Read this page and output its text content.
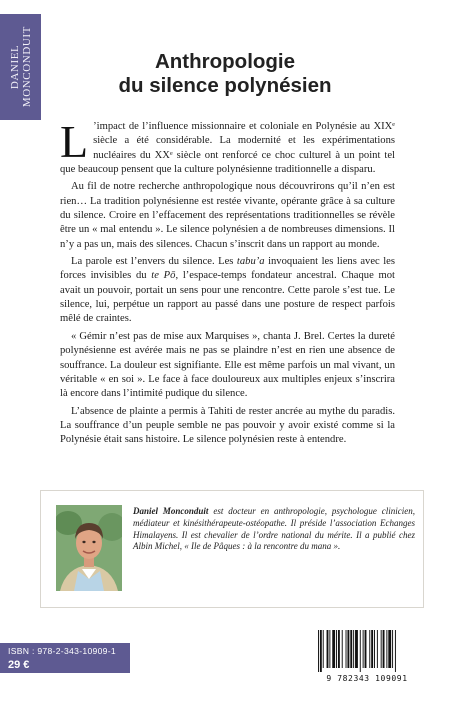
DANIEL
MONCONDUIT	Anthropologie
du silence polynésien

L ’impact de l’influence missionnaire et coloniale en Polynésie au XIXᵉ siècle a été considérable. La modernité et les expérimentations nucléaires du XXᵉ siècle ont renforcé ce choc culturel à un point tel que beaucoup pensent que la culture polynésienne traditionnelle a disparu.

Au fil de notre recherche anthropologique nous découvrirons qu’il n’en est rien… La tradition polynésienne est restée vivante, opérante grâce à sa culture du silence. Croire en l’effacement des représentations traditionnelles se révèle être un « mal entendu ». Le silence polynésien a de nombreuses dimensions. Il n’y a pas un, mais des silences. Chacun s’inscrit dans un rapport au monde.

La parole est l’envers du silence. Les tabu’a invoquaient les liens avec les forces invisibles du te Pō, l’espace-temps fondateur ancestral. Chaque mot avait un pouvoir, portait un sens pour une rencontre. Cette parole s’est tue. Le silence, lui, perpétue un rapport au passé dans une posture de respect parfois mêlé de craintes.

« Gémir n’est pas de mise aux Marquises », chanta J. Brel. Certes la dureté polynésienne est avérée mais ne pas se plaindre n’est en rien une absence de souffrance. La douleur est signifiante. Elle est même parfois un mal vivant, un véritable « en soi ». Le face à face douloureux aux multiples enjeux s’inscrira là encore dans l’intimité pudique du silence.

L’absence de plainte a permis à Tahiti de rester ancrée au mythe du paradis. La souffrance d’un peuple semble ne pas pouvoir y avoir existé comme si la Polynésie était sans histoire. Le silence polynésien reste à entendre.

Daniel Monconduit est docteur en anthropologie, psychologue clinicien, médiateur et kinésithérapeute-ostéopathe. Il préside l’association Echanges Himalayens. Il est chevalier de l’ordre national du mérite. Il a publié chez Albin Michel, « Ile de Pâques : à la rencontre du mana ».
ISBN : 978-2-343-10909-1
29 €
9 782343 109091
